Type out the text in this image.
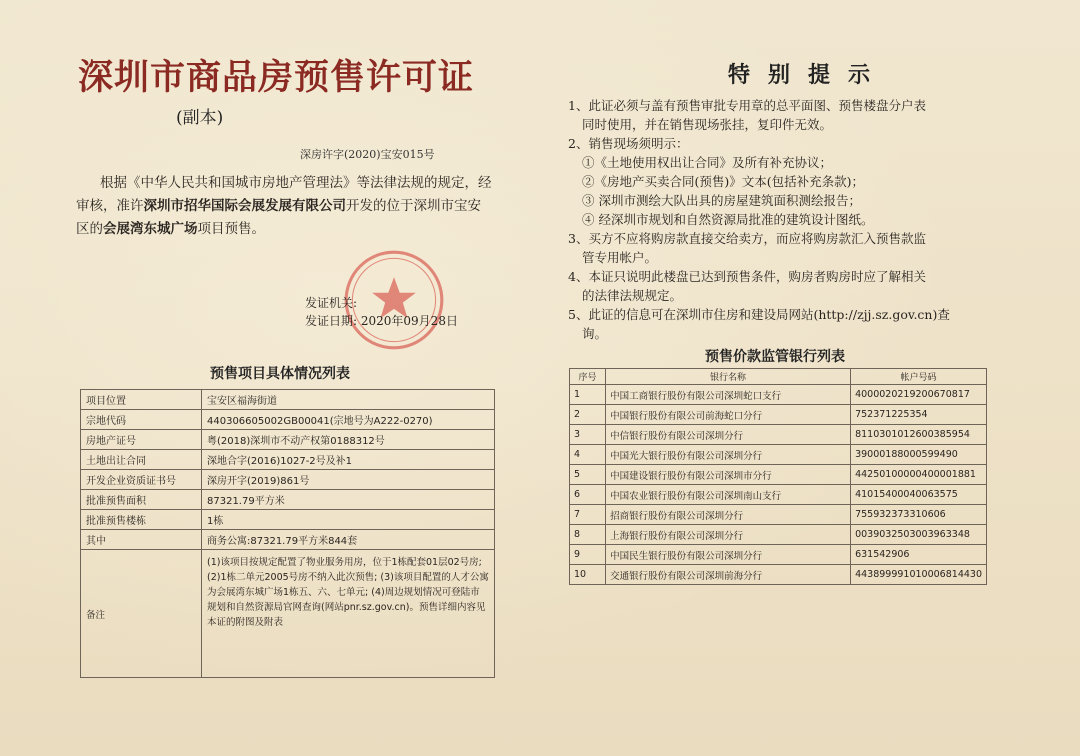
深圳市商品房预售许可证
(副本)
深房许字(2020)宝安015号
根据《中华人民共和国城市房地产管理法》等法律法规的规定，经审核，准许深圳市招华国际会展发展有限公司开发的位于深圳市宝安区的会展湾东城广场项目预售。
发证机关:
发证日期: 2020年09月28日
预售项目具体情况列表
项目位置	宝安区福海街道
宗地代码	440306605002GB00041(宗地号为A222-0270)
房地产证号	粤(2018)深圳市不动产权第0188312号
土地出让合同	深地合字(2016)1027-2号及补1
开发企业资质证书号	深房开字(2019)861号
批准预售面积	87321.79平方米
批准预售楼栋	1栋
其中	商务公寓:87321.79平方米844套
备注	(1)该项目按规定配置了物业服务用房，位于1栋配套01层02号房; (2)1栋二单元2005号房不纳入此次预售; (3)该项目配置的人才公寓为会展湾东城广场1栋五、六、七单元; (4)周边规划情况可登陆市规划和自然资源局官网查询(网站pnr.sz.gov.cn)。预售详细内容见本证的附图及附表
特别提示

1、此证必须与盖有预售审批专用章的总平面图、预售楼盘分户表

同时使用，并在销售现场张挂，复印件无效。

2、销售现场须明示：

①《土地使用权出让合同》及所有补充协议；

②《房地产买卖合同(预售)》文本(包括补充条款)；

③ 深圳市测绘大队出具的房屋建筑面积测绘报告；

④ 经深圳市规划和自然资源局批准的建筑设计图纸。

3、买方不应将购房款直接交给卖方，而应将购房款汇入预售款监

管专用帐户。

4、本证只说明此楼盘已达到预售条件，购房者购房时应了解相关

的法律法规规定。

5、此证的信息可在深圳市住房和建设局网站(http://zjj.sz.gov.cn)查

询。

预售价款监管银行列表
序号	银行名称	帐户号码
1	中国工商银行股份有限公司深圳蛇口支行	4000020219200670817
2	中国银行股份有限公司前海蛇口分行	752371225354
3	中信银行股份有限公司深圳分行	8110301012600385954
4	中国光大银行股份有限公司深圳分行	39000188000599490
5	中国建设银行股份有限公司深圳市分行	44250100000400001881
6	中国农业银行股份有限公司深圳南山支行	41015400040063575
7	招商银行股份有限公司深圳分行	755932373310606
8	上海银行股份有限公司深圳分行	0039032503003963348
9	中国民生银行股份有限公司深圳分行	631542906
10	交通银行股份有限公司深圳前海分行	443899991010006814430
